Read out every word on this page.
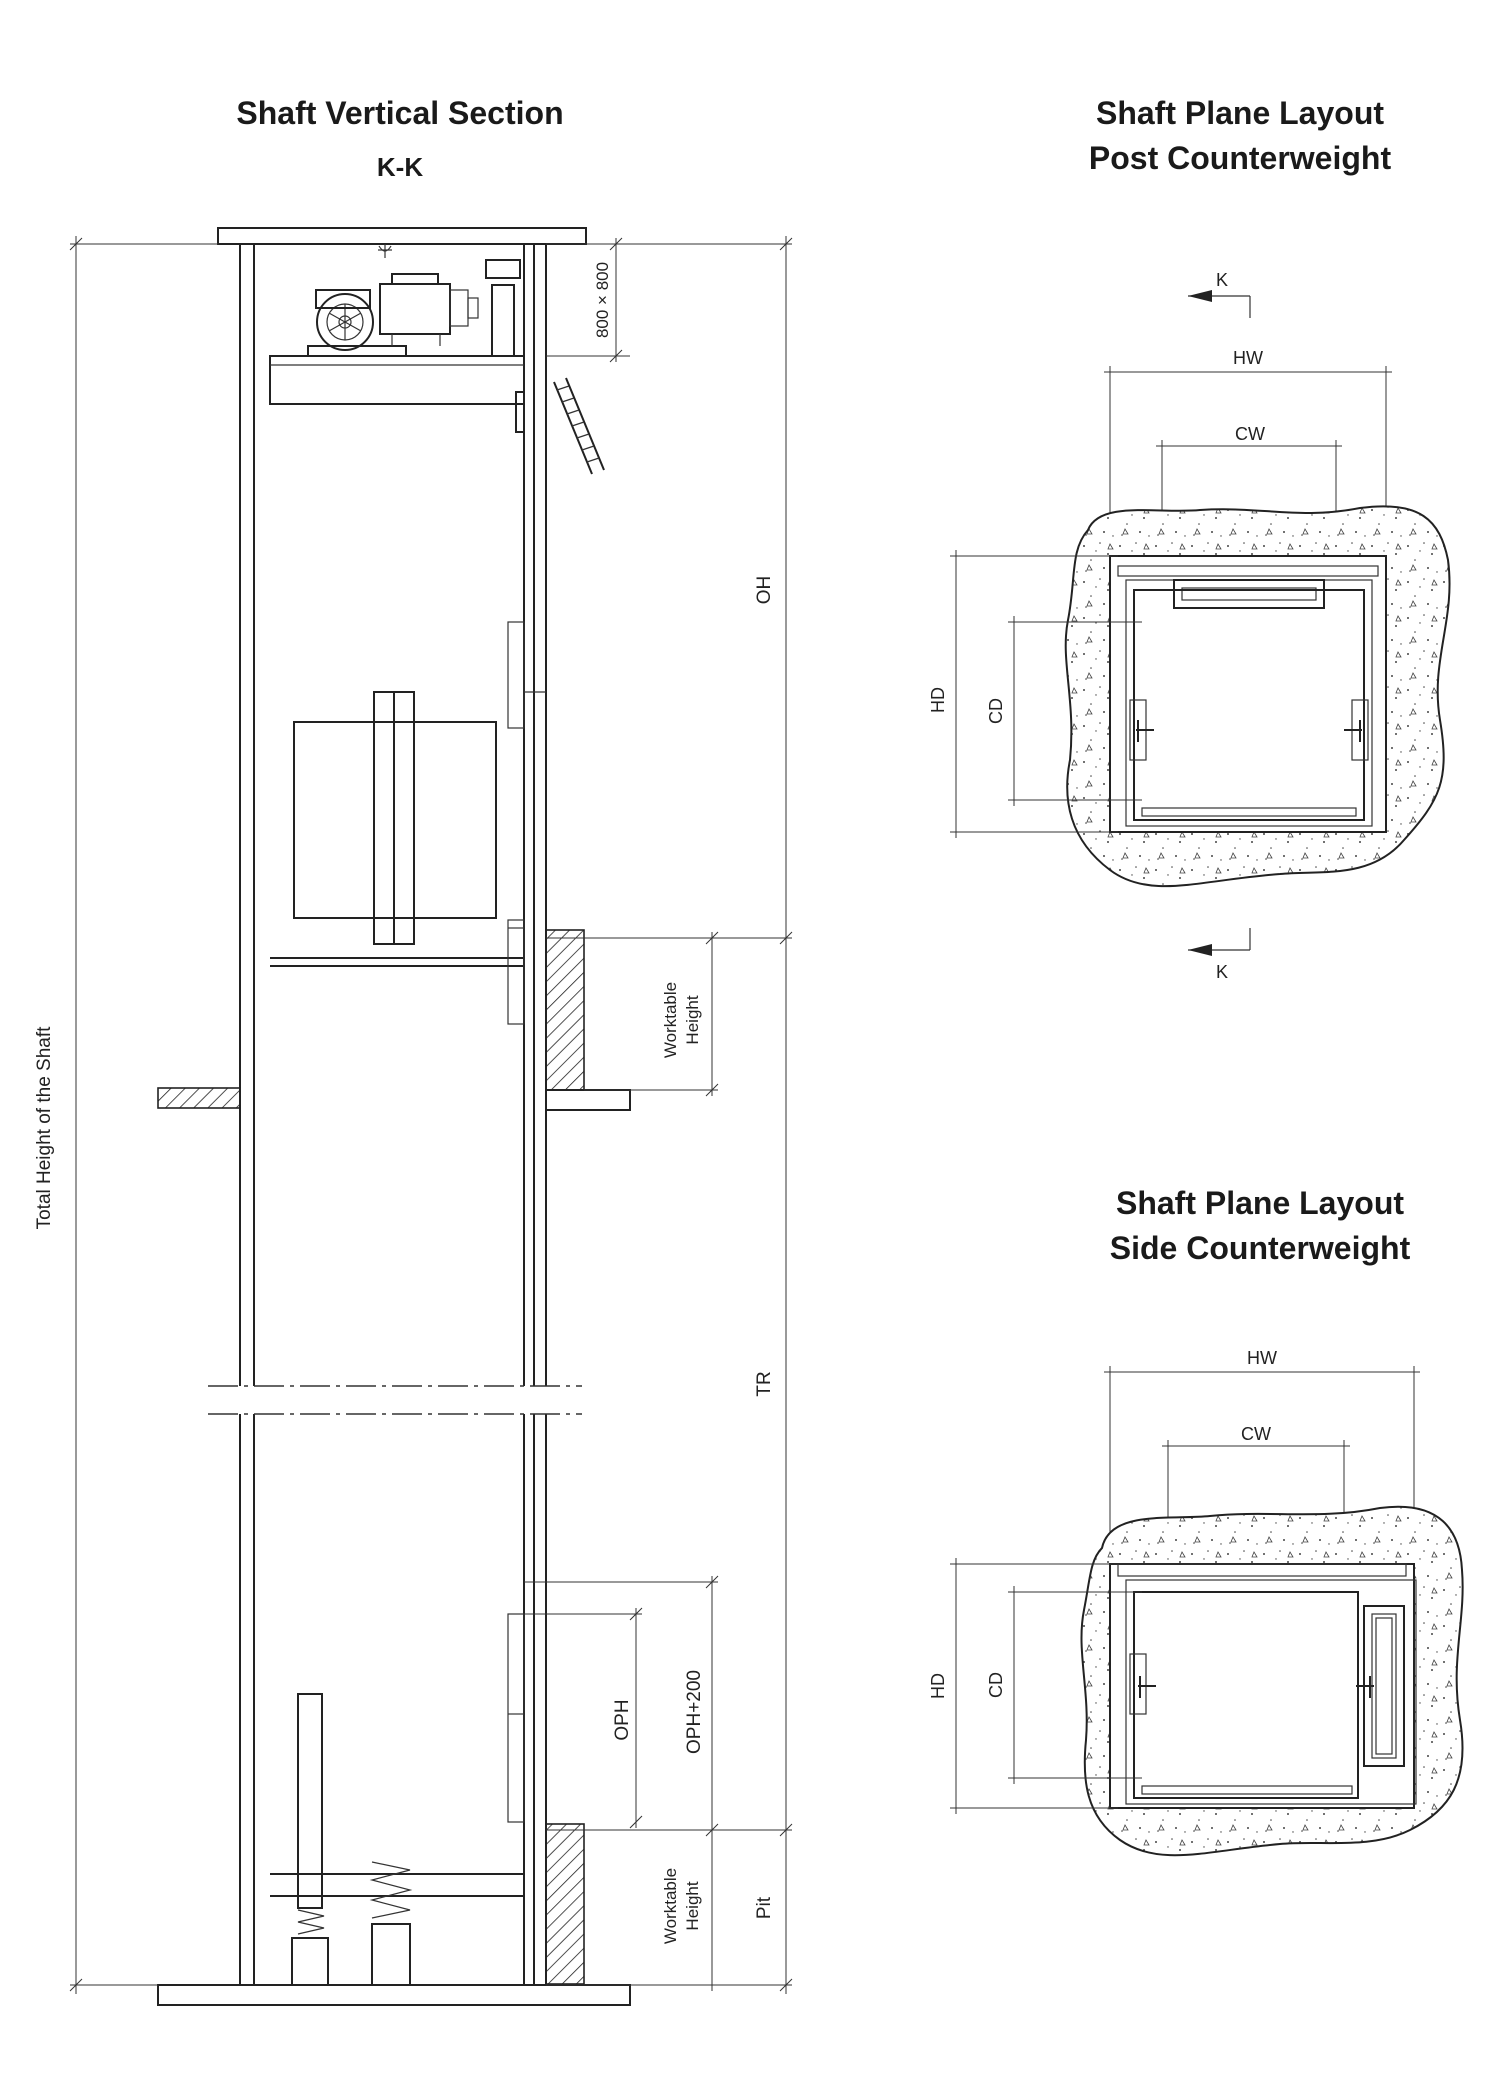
Shaft Vertical Section
K-K
Shaft Plane Layout
Post Counterweight
Shaft Plane Layout
Side Counterweight
800 × 800
OH
TR
Pit
Worktable Height
OPH+200
OPH
Worktable Height
Total Height of the Shaft
K
HW
CW
HD CD
K
HW
CW
HD CD
